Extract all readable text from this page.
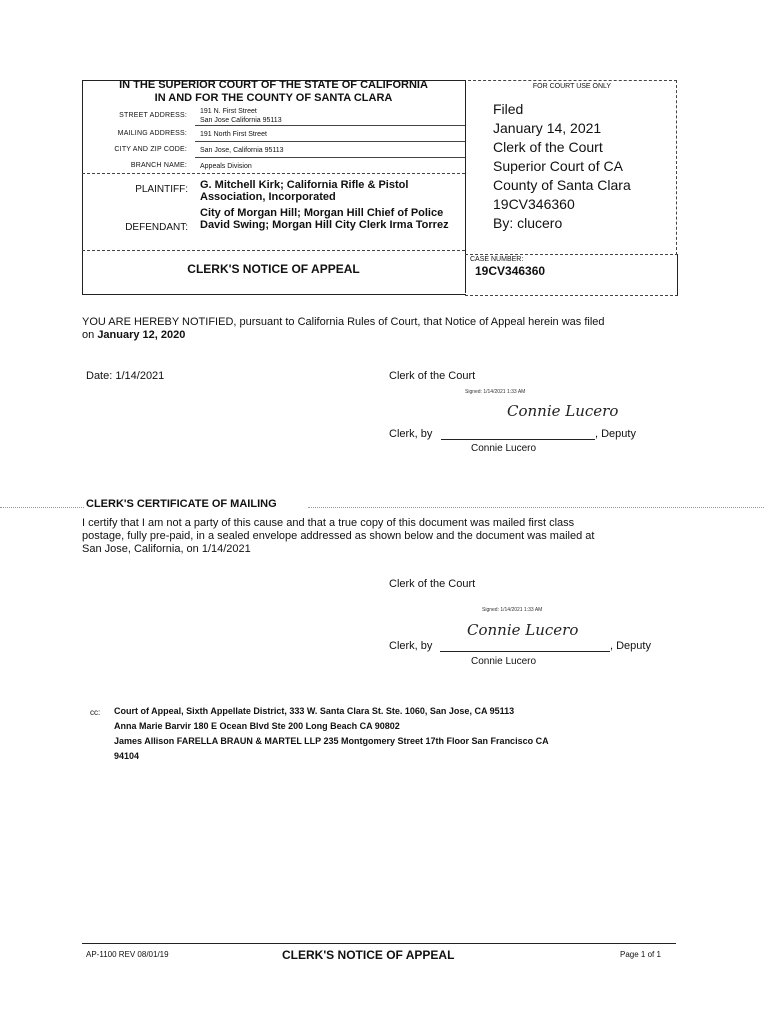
IN THE SUPERIOR COURT OF THE STATE OF CALIFORNIA
IN AND FOR THE COUNTY OF SANTA CLARA
STREET ADDRESS:
191 N. First Street
San Jose California 95113
MAILING ADDRESS: 191 North First Street
CITY AND ZIP CODE: San Jose, California 95113
BRANCH NAME: Appeals Division
PLAINTIFF: G. Mitchell Kirk; California Rifle & Pistol Association, Incorporated
DEFENDANT:
City of Morgan Hill; Morgan Hill Chief of Police David Swing; Morgan Hill City Clerk Irma Torrez
CLERK'S NOTICE OF APPEAL
FOR COURT USE ONLY
Filed
January 14, 2021
Clerk of the Court
Superior Court of CA
County of Santa Clara
19CV346360
By: clucero
CASE NUMBER:
19CV346360
YOU ARE HEREBY NOTIFIED, pursuant to California Rules of Court, that Notice of Appeal herein was filed
on January 12, 2020
Date: 1/14/2021	Clerk of the Court
Signed: 1/14/2021 1:33 AM
Connie Lucero
Clerk, by	, Deputy
Connie Lucero
CLERK'S CERTIFICATE OF MAILING
I certify that I am not a party of this cause and that a true copy of this document was mailed first class
postage, fully pre-paid, in a sealed envelope addressed as shown below and the document was mailed at
San Jose, California, on 1/14/2021
Clerk of the Court
Signed: 1/14/2021 1:33 AM
Connie Lucero
Clerk, by	, Deputy
Connie Lucero
cc: Court of Appeal, Sixth Appellate District, 333 W. Santa Clara St. Ste. 1060, San Jose, CA 95113
Anna Marie Barvir 180 E Ocean Blvd Ste 200 Long Beach CA 90802
James Allison FARELLA BRAUN & MARTEL LLP 235 Montgomery Street 17th Floor San Francisco CA
94104
AP-1100 REV 08/01/19	CLERK'S NOTICE OF APPEAL	Page 1 of 1
